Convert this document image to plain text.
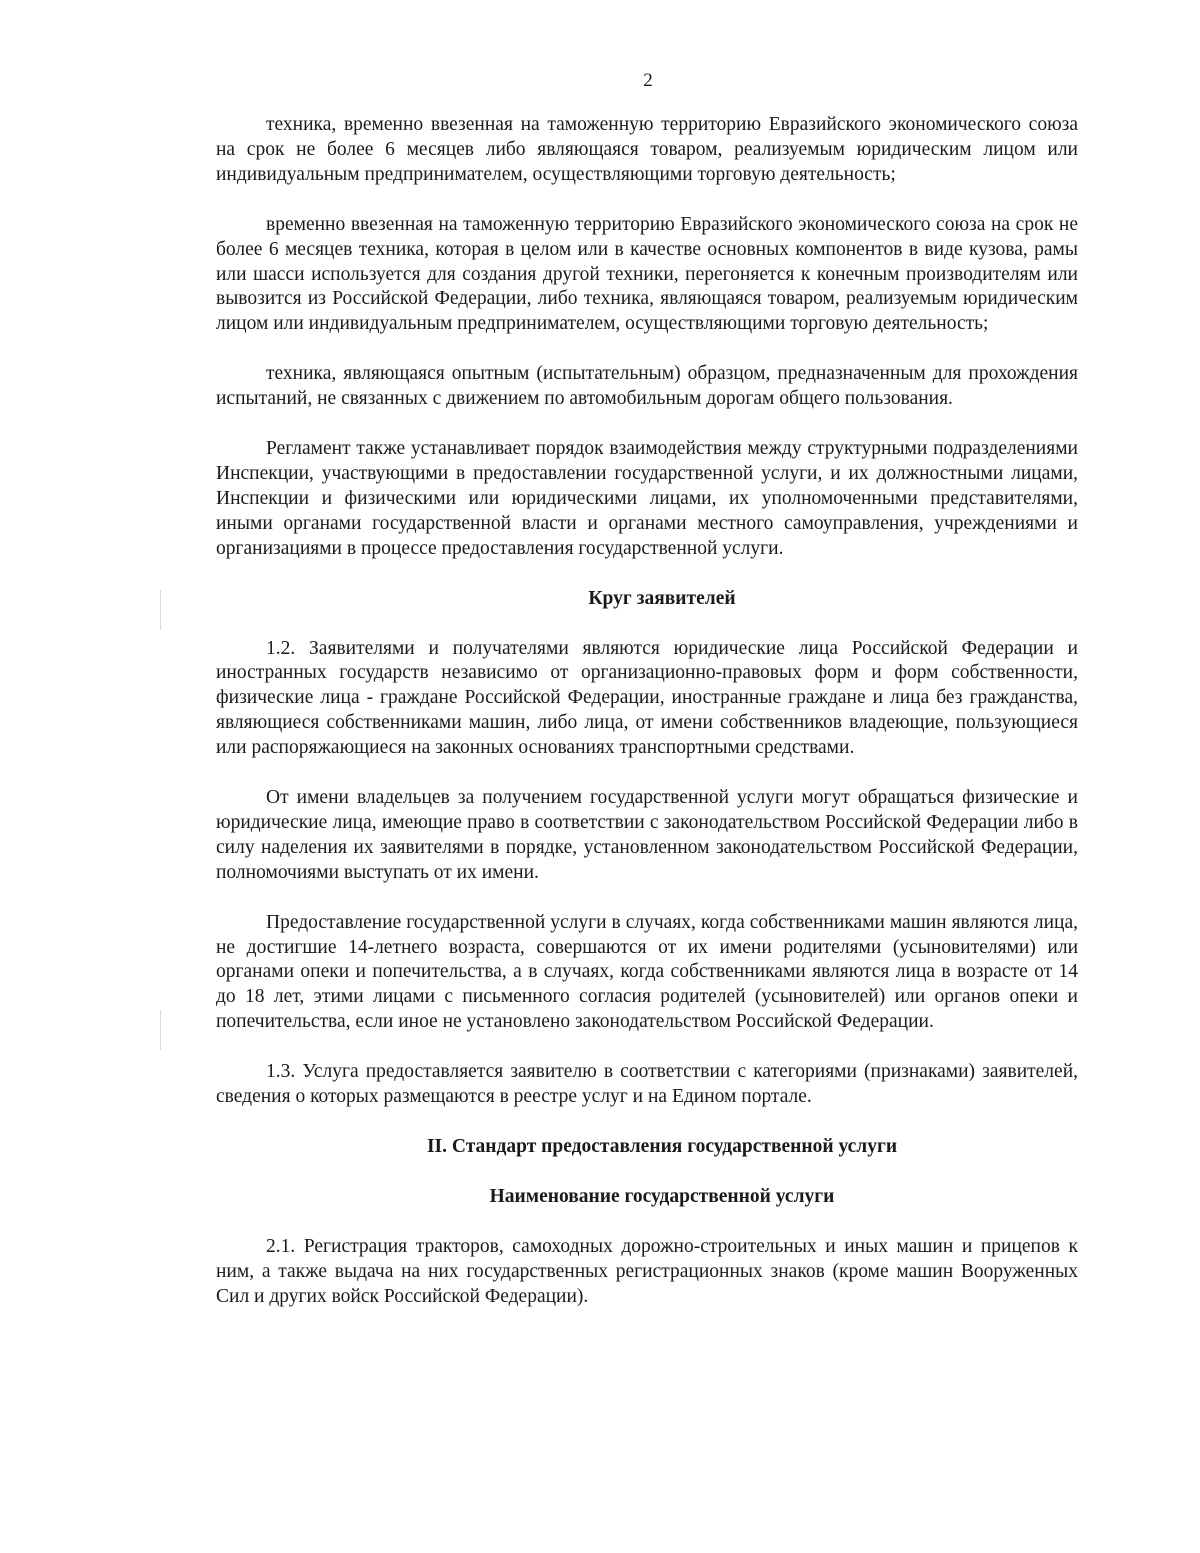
2

техника, временно ввезенная на таможенную территорию Евразийского экономического союза на срок не более 6 месяцев либо являющаяся товаром, реализуемым юридическим лицом или индивидуальным предпринимателем, осуществляющими торговую деятельность;

временно ввезенная на таможенную территорию Евразийского экономического союза на срок не более 6 месяцев техника, которая в целом или в качестве основных компонентов в виде кузова, рамы или шасси используется для создания другой техники, перегоняется к конечным производителям или вывозится из Российской Федерации, либо техника, являющаяся товаром, реализуемым юридическим лицом или индивидуальным предпринимателем, осуществляющими торговую деятельность;

техника, являющаяся опытным (испытательным) образцом, предназначенным для прохождения испытаний, не связанных с движением по автомобильным дорогам общего пользования.

Регламент также устанавливает порядок взаимодействия между структурными подразделениями Инспекции, участвующими в предоставлении государственной услуги, и их должностными лицами, Инспекции и физическими или юридическими лицами, их уполномоченными представителями, иными органами государственной власти и органами местного самоуправления, учреждениями и организациями в процессе предоставления государственной услуги.

Круг заявителей

1.2. Заявителями и получателями являются юридические лица Российской Федерации и иностранных государств независимо от организационно-правовых форм и форм собственности, физические лица - граждане Российской Федерации, иностранные граждане и лица без гражданства, являющиеся собственниками машин, либо лица, от имени собственников владеющие, пользующиеся или распоряжающиеся на законных основаниях транспортными средствами.

От имени владельцев за получением государственной услуги могут обращаться физические и юридические лица, имеющие право в соответствии с законодательством Российской Федерации либо в силу наделения их заявителями в порядке, установленном законодательством Российской Федерации, полномочиями выступать от их имени.

Предоставление государственной услуги в случаях, когда собственниками машин являются лица, не достигшие 14-летнего возраста, совершаются от их имени родителями (усыновителями) или органами опеки и попечительства, а в случаях, когда собственниками являются лица в возрасте от 14 до 18 лет, этими лицами с письменного согласия родителей (усыновителей) или органов опеки и попечительства, если иное не установлено законодательством Российской Федерации.

1.3. Услуга предоставляется заявителю в соответствии с категориями (признаками) заявителей, сведения о которых размещаются в реестре услуг и на Едином портале.

II. Стандарт предоставления государственной услуги
Наименование государственной услуги

2.1. Регистрация тракторов, самоходных дорожно-строительных и иных машин и прицепов к ним, а также выдача на них государственных регистрационных знаков (кроме машин Вооруженных Сил и других войск Российской Федерации).
